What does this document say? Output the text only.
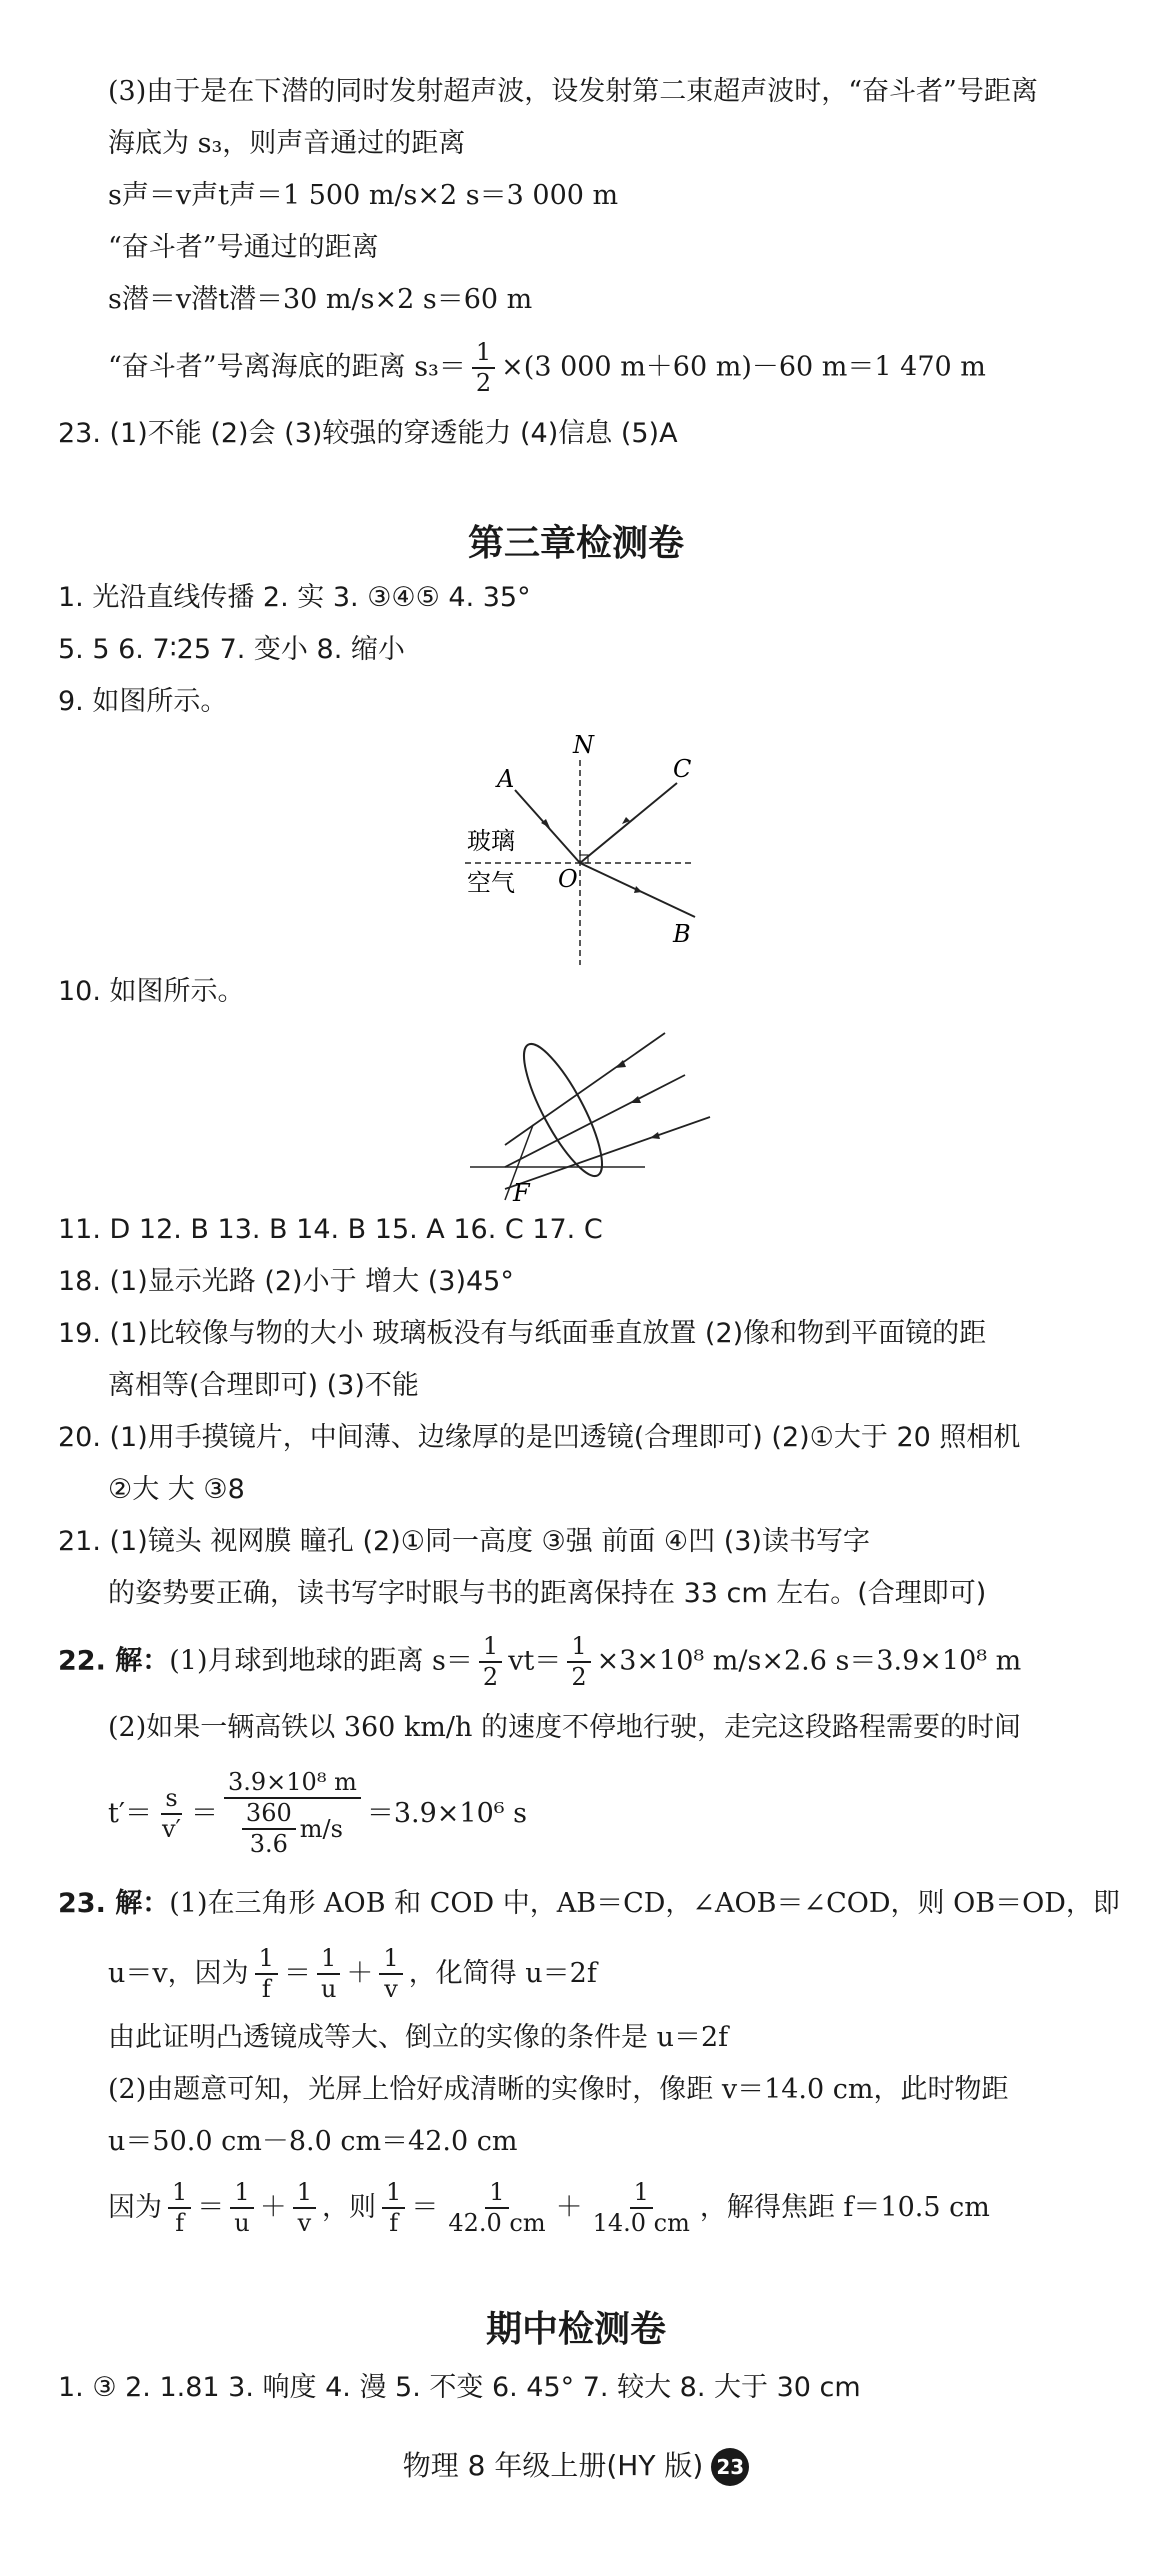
(3)由于是在下潜的同时发射超声波，设发射第二束超声波时，“奋斗者”号距离
海底为 s₃，则声音通过的距离
s声＝v声t声＝1 500 m/s×2 s＝3 000 m
“奋斗者”号通过的距离
s潜＝v潜t潜＝30 m/s×2 s＝60 m
“奋斗者”号离海底的距离 $s_3= \frac{1}{2} \times(3$ 000 m＋60 m)－60 m＝1 470 m
23. (1)不能 (2)会 (3)较强的穿透能力 (4)信息 (5)A
第三章检测卷
1. 光沿直线传播 2. 实 3. ③④⑤ 4. 35°
5. 5 6. 7∶25 7. 变小 8. 缩小
9. 如图所示。
N
A	C
O
B
玻璃
空气
10. 如图所示。
F
11. D 12. B 13. B 14. B 15. A 16. C 17. C
18. (1)显示光路 (2)小于 增大 (3)45°
19. (1)比较像与物的大小 玻璃板没有与纸面垂直放置 (2)像和物到平面镜的距
离相等(合理即可) (3)不能
20. (1)用手摸镜片，中间薄、边缘厚的是凹透镜(合理即可) (2)①大于 20 照相机
②大 大 ③8
21. (1)镜头 视网膜 瞳孔 (2)①同一高度 ③强 前面 ④凹 (3)读书写字
的姿势要正确，读书写字时眼与书的距离保持在 33 cm 左右。(合理即可)
22. 解：(1)月球到地球的距离 $s= \frac{1}{2} vt= \frac{1}{2} \times 3\times 10^8$ m/s×2.6 s＝3.9×10⁸ m
(2)如果一辆高铁以 360 km/h 的速度不停地行驶，走完这段路程需要的时间
$t'= \frac{s}{v'} = \frac{\text{3.9×10⁸ m}}{\frac{360}{3.6} m/s} =3.9\times 10^6$ s
23. 解：(1)在三角形 AOB 和 COD 中，AB＝CD，∠AOB＝∠COD，则 OB＝OD，即
u＝v，因为 $\frac{1}{f} = \frac{1}{u} + \frac{1}{v}$ ，化简得 u＝2f
由此证明凸透镜成等大、倒立的实像的条件是 u＝2f
(2)由题意可知，光屏上恰好成清晰的实像时，像距 v＝14.0 cm，此时物距
u＝50.0 cm－8.0 cm＝42.0 cm
因为 $\frac{1}{f} = \frac{1}{u} + \frac{1}{v}$ ，则 $\frac{1}{f} = \frac{1}{42.0 cm} + \frac{1}{14.0 cm}$ ，解得焦距 f＝10.5 cm
期中检测卷
1. ③ 2. 1.81 3. 响度 4. 漫 5. 不变 6. 45° 7. 较大 8. 大于 30 cm
物理 8 年级上册(HY 版) 23
